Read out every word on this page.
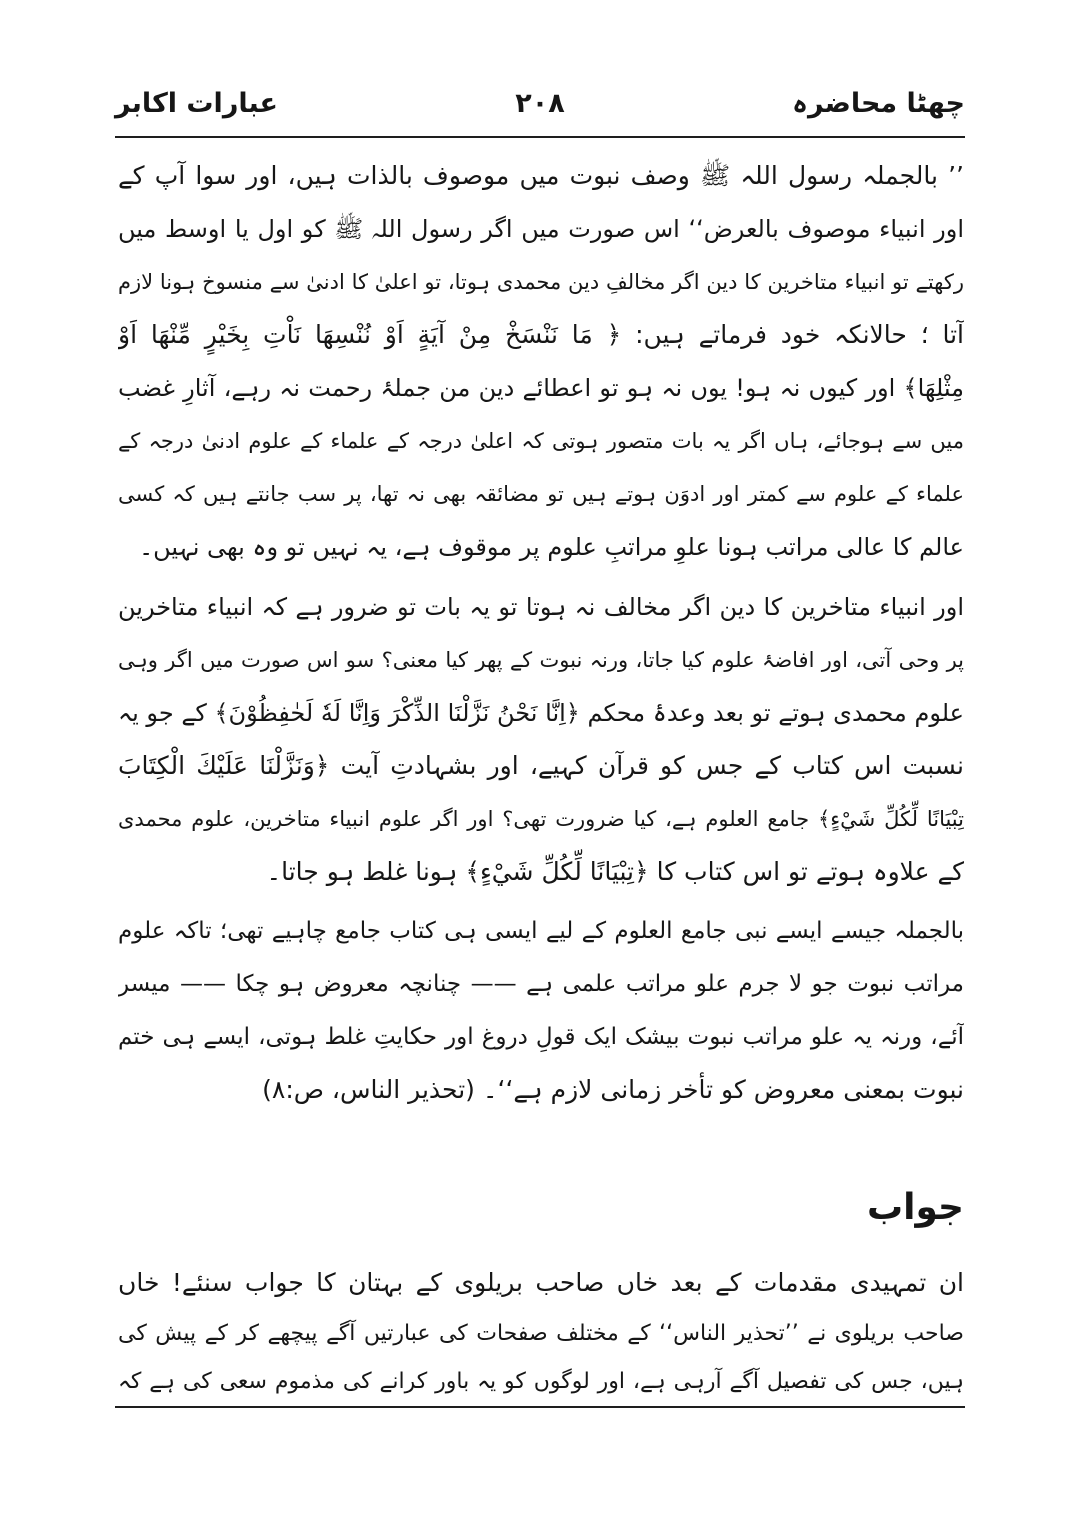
چھٹا محاضرہ
۲۰۸
عبارات اکابر
’’ بالجملہ رسول اللہ ﷺ وصف نبوت میں موصوف بالذات ہیں، اور سوا آپ کے
اور انبیاء موصوف بالعرض‘‘ اس صورت میں اگر رسول اللہ ﷺ کو اول یا اوسط میں
رکھتے تو انبیاء متاخرین کا دین اگر مخالفِ دین محمدی ہوتا، تو اعلیٰ کا ادنیٰ سے منسوخ ہونا لازم
آتا ؛ حالانکہ خود فرماتے ہیں: ﴿ مَا نَنْسَخْ مِنْ آيَةٍ اَوْ نُنْسِهَا نَاْتِ بِخَيْرٍ مِّنْهَا اَوْ
مِثْلِهَا﴾ اور کیوں نہ ہو! یوں نہ ہو تو اعطائے دین من جملۂ رحمت نہ رہے، آثارِ غضب
میں سے ہوجائے، ہاں اگر یہ بات متصور ہوتی کہ اعلیٰ درجہ کے علماء کے علوم ادنیٰ درجہ کے
علماء کے علوم سے کمتر اور ادوَن ہوتے ہیں تو مضائقہ بھی نہ تھا، پر سب جانتے ہیں کہ کسی
عالم کا عالی مراتب ہونا علوِ مراتبِ علوم پر موقوف ہے، یہ نہیں تو وہ بھی نہیں۔
اور انبیاء متاخرین کا دین اگر مخالف نہ ہوتا تو یہ بات تو ضرور ہے کہ انبیاء متاخرین
پر وحی آتی، اور افاضۂ علوم کیا جاتا، ورنہ نبوت کے پھر کیا معنی؟ سو اس صورت میں اگر وہی
علوم محمدی ہوتے تو بعد وعدۂ محکم ﴿اِنَّا نَحْنُ نَزَّلْنَا الذِّكْرَ وَاِنَّا لَهٗ لَحٰفِظُوْنَ﴾ کے جو یہ
نسبت اس کتاب کے جس کو قرآن کہیے، اور بشہادتِ آیت ﴿وَنَزَّلْنَا عَلَيْكَ الْكِتَابَ
تِبْيَانًا لِّكُلِّ شَيْءٍ﴾ جامع العلوم ہے، کیا ضرورت تھی؟ اور اگر علوم انبیاء متاخرین، علوم محمدی
کے علاوہ ہوتے تو اس کتاب کا ﴿تِبْيَانًا لِّكُلِّ شَيْءٍ﴾ ہونا غلط ہو جاتا۔
بالجملہ جیسے ایسے نبی جامع العلوم کے لیے ایسی ہی کتاب جامع چاہیے تھی؛ تاکہ علوم
مراتب نبوت جو لا جرم علو مراتب علمی ہے —— چنانچہ معروض ہو چکا —— میسر
آئے، ورنہ یہ علو مراتب نبوت بیشک ایک قولِ دروغ اور حکایتِ غلط ہوتی، ایسے ہی ختم
نبوت بمعنی معروض کو تأخر زمانی لازم ہے‘‘۔ (تحذیر الناس، ص:۸)
جواب
ان تمہیدی مقدمات کے بعد خاں صاحب بریلوی کے بہتان کا جواب سنئے! خاں
صاحب بریلوی نے ’’تحذیر الناس‘‘ کے مختلف صفحات کی عبارتیں آگے پیچھے کر کے پیش کی
ہیں، جس کی تفصیل آگے آرہی ہے، اور لوگوں کو یہ باور کرانے کی مذموم سعی کی ہے کہ
